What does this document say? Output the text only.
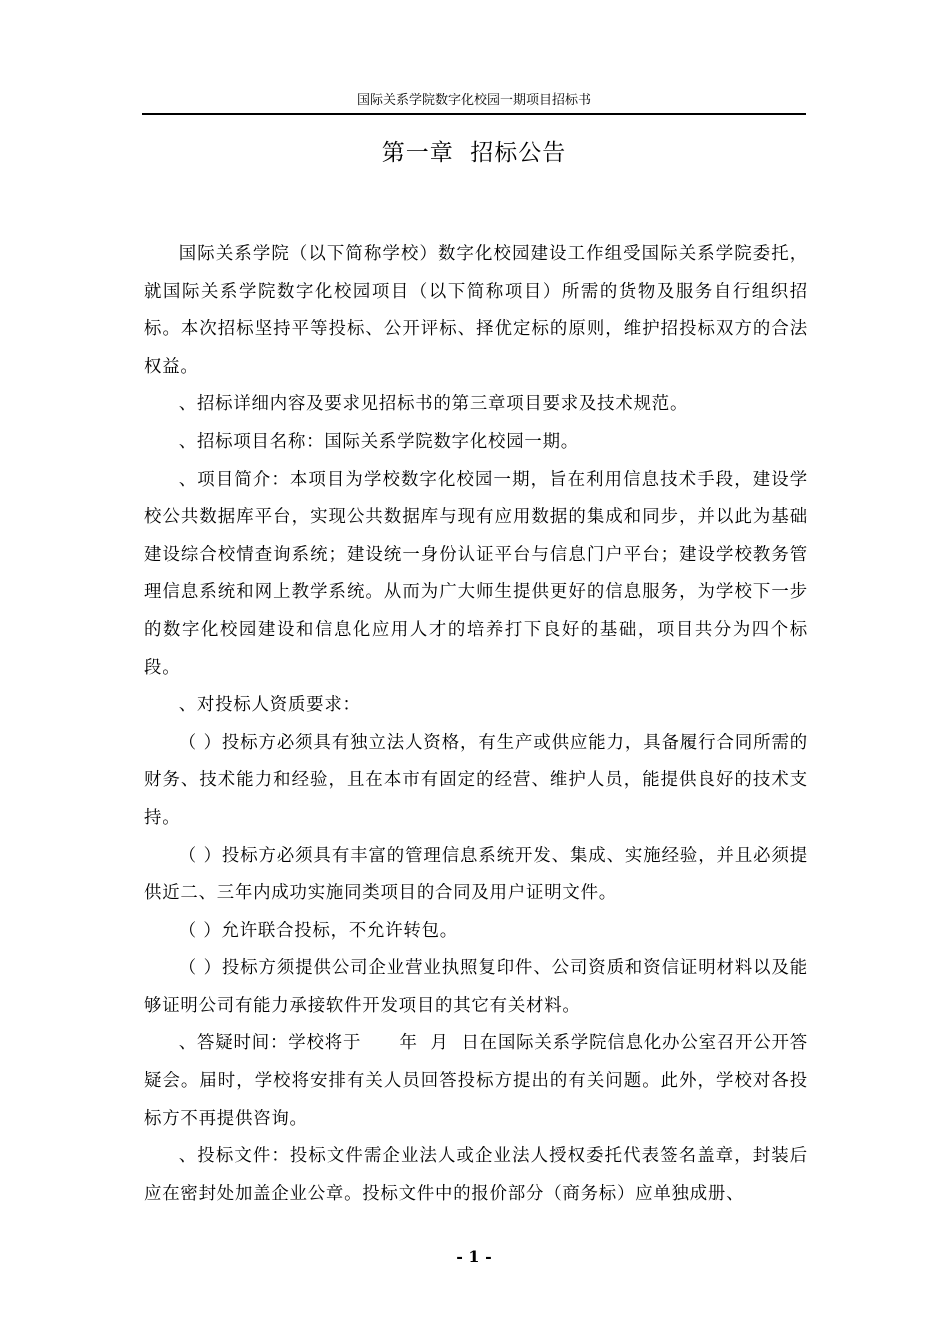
国际关系学院数字化校园一期项目招标书
第一章  招标公告

国际关系学院（以下简称学校）数字化校园建设工作组受国际关系学院委托，就国际关系学院数字化校园项目（以下简称项目）所需的货物及服务自行组织招标。本次招标坚持平等投标、公开评标、择优定标的原则，维护招投标双方的合法权益。

、招标详细内容及要求见招标书的第三章项目要求及技术规范。

、招标项目名称：国际关系学院数字化校园一期。

、项目简介：本项目为学校数字化校园一期，旨在利用信息技术手段，建设学校公共数据库平台，实现公共数据库与现有应用数据的集成和同步，并以此为基础建设综合校情查询系统；建设统一身份认证平台与信息门户平台；建设学校教务管理信息系统和网上教学系统。从而为广大师生提供更好的信息服务，为学校下一步的数字化校园建设和信息化应用人才的培养打下良好的基础，项目共分为四个标段。

、对投标人资质要求：

（ ）投标方必须具有独立法人资格，有生产或供应能力，具备履行合同所需的财务、技术能力和经验，且在本市有固定的经营、维护人员，能提供良好的技术支持。

（ ）投标方必须具有丰富的管理信息系统开发、集成、实施经验，并且必须提供近二、三年内成功实施同类项目的合同及用户证明文件。

（ ）允许联合投标，不允许转包。

（ ）投标方须提供公司企业营业执照复印件、公司资质和资信证明材料以及能够证明公司有能力承接软件开发项目的其它有关材料。

、答疑时间：学校将于      年  月  日在国际关系学院信息化办公室召开公开答疑会。届时，学校将安排有关人员回答投标方提出的有关问题。此外，学校对各投标方不再提供咨询。

、投标文件：投标文件需企业法人或企业法人授权委托代表签名盖章，封装后应在密封处加盖企业公章。投标文件中的报价部分（商务标）应单独成册、

- 1 -
